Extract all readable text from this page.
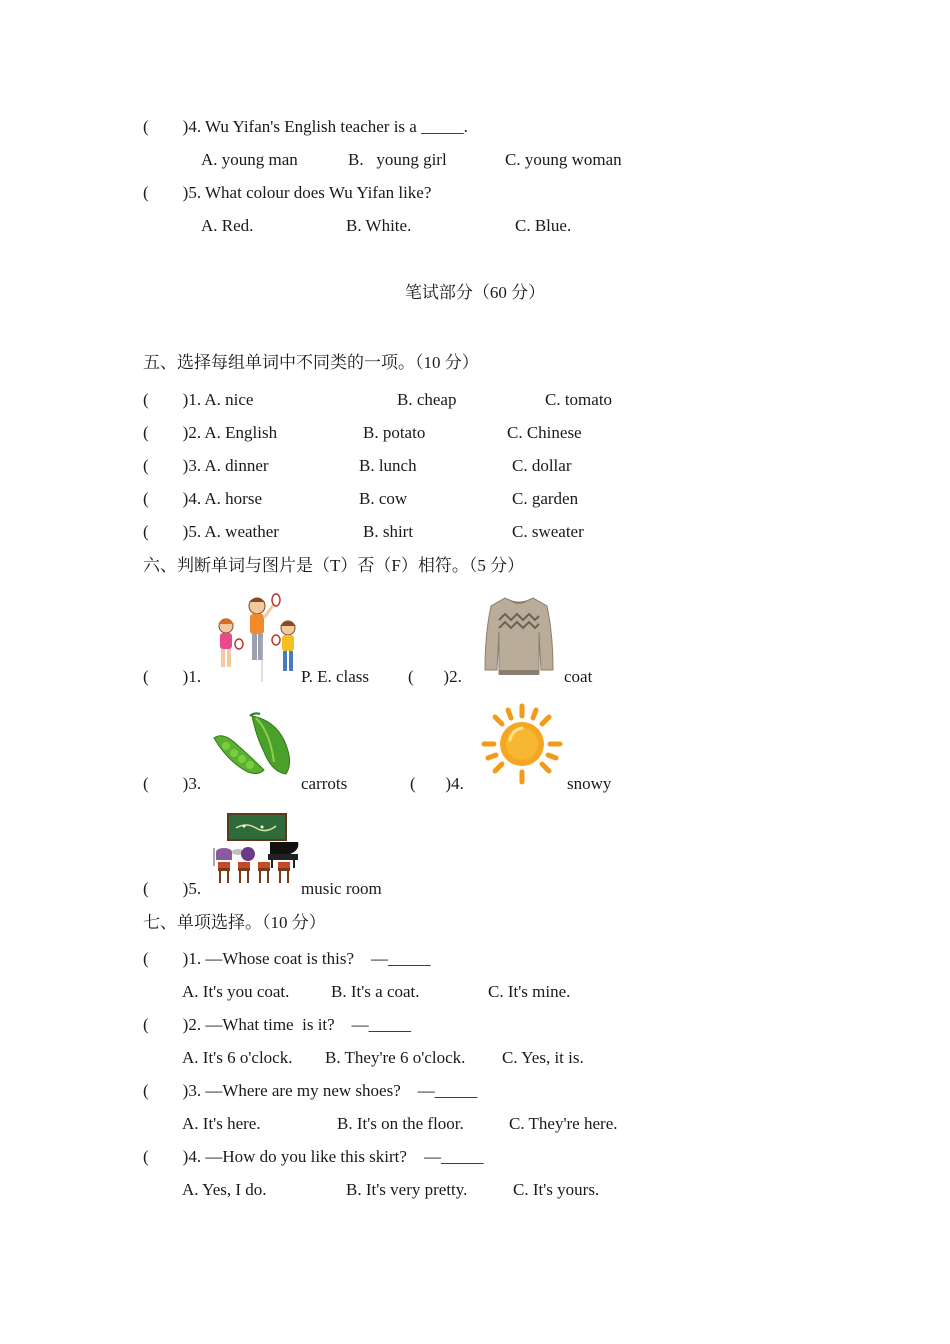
(        )4. Wu Yifan's English teacher is a _____.
A. young man	B.   young girl	C. young woman
(        )5. What colour does Wu Yifan like?
A. Red.	B. White.	C. Blue.
笔试部分（60 分）
五、选择每组单词中不同类的一项。（10 分）
(        )1. A. nice	B. cheap	C. tomato
(        )2. A. English	B. potato	C. Chinese
(        )3. A. dinner	B. lunch	C. dollar
(        )4. A. horse	B. cow	C. garden
(        )5. A. weather	B. shirt	C. sweater
六、判断单词与图片是（T）否（F）相符。（5 分）
(        )1.	P. E. class (       )2.	coat
(        )3.	carrots	(       )4.	snowy
(        )5.	music room
七、单项选择。（10 分）
(        )1. —Whose coat is this?    —_____
A. It's you coat. B. It's a coat.	C. It's mine.
(        )2. —What time  is it?    —_____
A. It's 6 o'clock. B. They're 6 o'clock. C. Yes, it is.
(        )3. —Where are my new shoes?    —_____
A. It's here.	B. It's on the floor.	C. They're here.
(        )4. —How do you like this skirt?    —_____
A. Yes, I do.	B. It's very pretty.	C. It's yours.
